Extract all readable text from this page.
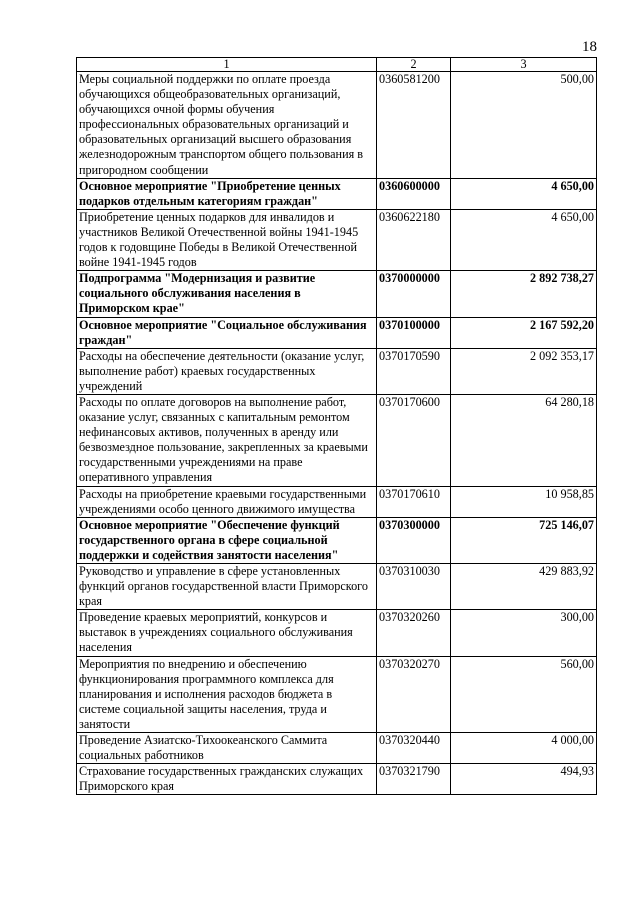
18
1	2	3
Меры социальной поддержки по оплате проезда обучающихся общеобразовательных организаций, обучающихся очной формы обучения профессиональных образовательных организаций и образовательных организаций высшего образования железнодорожным транспортом общего пользования в пригородном сообщении	0360581200	500,00
Основное мероприятие "Приобретение ценных подарков отдельным категориям граждан"	0360600000	4 650,00
Приобретение ценных подарков для инвалидов и участников Великой Отечественной войны 1941-1945 годов к годовщине Победы в Великой Отечественной войне 1941-1945 годов	0360622180	4 650,00
Подпрограмма "Модернизация и развитие социального обслуживания населения в Приморском крае"	0370000000	2 892 738,27
Основное мероприятие "Социальное обслуживания граждан"	0370100000	2 167 592,20
Расходы на обеспечение деятельности (оказание услуг, выполнение работ) краевых государственных учреждений	0370170590	2 092 353,17
Расходы по оплате договоров на выполнение работ, оказание услуг, связанных с капитальным ремонтом нефинансовых активов, полученных в аренду или безвозмездное пользование, закрепленных за краевыми государственными учреждениями на праве оперативного управления	0370170600	64 280,18
Расходы на приобретение краевыми государственными учреждениями особо ценного движимого имущества	0370170610	10 958,85
Основное мероприятие "Обеспечение функций государственного органа в сфере социальной поддержки и содействия занятости населения"	0370300000	725 146,07
Руководство и управление в сфере установленных функций органов государственной власти Приморского края	0370310030	429 883,92
Проведение краевых мероприятий, конкурсов и выставок в учреждениях социального обслуживания населения	0370320260	300,00
Мероприятия по внедрению и обеспечению функционирования программного комплекса для планирования и исполнения расходов бюджета в системе социальной защиты населения, труда и занятости	0370320270	560,00
Проведение Азиатско-Тихоокеанского Саммита социальных работников	0370320440	4 000,00
Страхование государственных гражданских служащих Приморского края	0370321790	494,93
